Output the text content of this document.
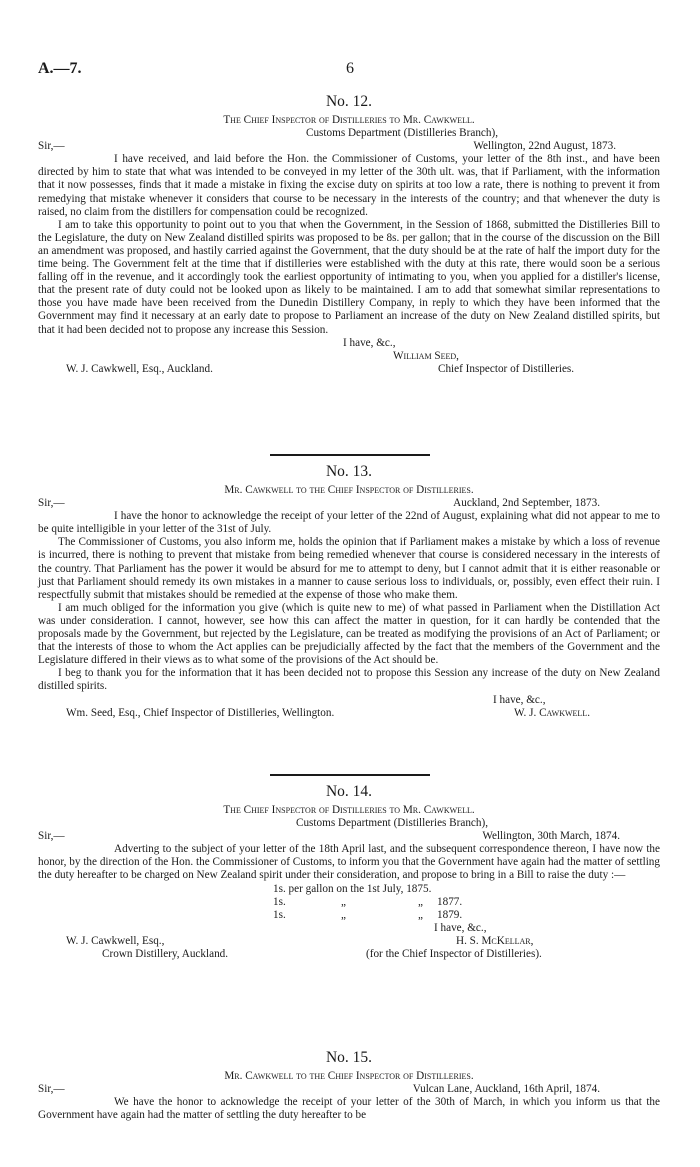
A.—7.	6
No. 12.
The Chief Inspector of Distilleries to Mr. Cawkwell.
Customs Department (Distilleries Branch),
Sir,—	Wellington, 22nd August, 1873.

I have received, and laid before the Hon. the Commissioner of Customs, your letter of the 8th inst., and have been directed by him to state that what was intended to be conveyed in my letter of the 30th ult. was, that if Parliament, with the information that it now possesses, finds that it made a mistake in fixing the excise duty on spirits at too low a rate, there is nothing to prevent it from remedying that mistake whenever it considers that course to be necessary in the interests of the country; and that whenever the duty is raised, no claim from the distillers for compensation could be recognized.

I am to take this opportunity to point out to you that when the Government, in the Session of 1868, submitted the Distilleries Bill to the Legislature, the duty on New Zealand distilled spirits was proposed to be 8s. per gallon; that in the course of the discussion on the Bill an amendment was proposed, and hastily carried against the Government, that the duty should be at the rate of half the import duty for the time being. The Government felt at the time that if distilleries were established with the duty at this rate, there would soon be a serious falling off in the revenue, and it accordingly took the earliest opportunity of intimating to you, when you applied for a distiller's license, that the present rate of duty could not be looked upon as likely to be maintained. I am to add that somewhat similar representations to those you have made have been received from the Dunedin Distillery Company, in reply to which they have been informed that the Government may find it necessary at an early date to propose to Parliament an increase of the duty on New Zealand distilled spirits, but that it had been decided not to propose any increase this Session.

I have, &c.,
William Seed,
W. J. Cawkwell, Esq., Auckland.	Chief Inspector of Distilleries.
No. 13.
Mr. Cawkwell to the Chief Inspector of Distilleries.
Sir,—	Auckland, 2nd September, 1873.

I have the honor to acknowledge the receipt of your letter of the 22nd of August, explaining what did not appear to me to be quite intelligible in your letter of the 31st of July.

The Commissioner of Customs, you also inform me, holds the opinion that if Parliament makes a mistake by which a loss of revenue is incurred, there is nothing to prevent that mistake from being remedied whenever that course is considered necessary in the interests of the country. That Parliament has the power it would be absurd for me to attempt to deny, but I cannot admit that it is either reasonable or just that Parliament should remedy its own mistakes in a manner to cause serious loss to individuals, or, possibly, even effect their ruin. I respectfully submit that mistakes should be remedied at the expense of those who make them.

I am much obliged for the information you give (which is quite new to me) of what passed in Parliament when the Distillation Act was under consideration. I cannot, however, see how this can affect the matter in question, for it can hardly be contended that the proposals made by the Government, but rejected by the Legislature, can be treated as modifying the provisions of an Act of Parliament; or that the interests of those to whom the Act applies can be prejudicially affected by the fact that the members of the Government and the Legislature differed in their views as to what some of the provisions of the Act should be.

I beg to thank you for the information that it has been decided not to propose this Session any increase of the duty on New Zealand distilled spirits.

I have, &c.,
Wm. Seed, Esq., Chief Inspector of Distilleries, Wellington.	W. J. Cawkwell.
No. 14.
The Chief Inspector of Distilleries to Mr. Cawkwell.
Customs Department (Distilleries Branch),
Sir,—	Wellington, 30th March, 1874.

Adverting to the subject of your letter of the 18th April last, and the subsequent correspondence thereon, I have now the honor, by the direction of the Hon. the Commissioner of Customs, to inform you that the Government have again had the matter of settling the duty hereafter to be charged on New Zealand spirit under their consideration, and propose to bring in a Bill to raise the duty :—

1s. per gallon on the 1st July, 1875.
1s.	„	„ 1877.
1s.	„	„ 1879.
I have, &c.,
W. J. Cawkwell, Esq.,	H. S. McKellar,
Crown Distillery, Auckland.	(for the Chief Inspector of Distilleries).
No. 15.
Mr. Cawkwell to the Chief Inspector of Distilleries.
Sir,—	Vulcan Lane, Auckland, 16th April, 1874.

We have the honor to acknowledge the receipt of your letter of the 30th of March, in which you inform us that the Government have again had the matter of settling the duty hereafter to be
